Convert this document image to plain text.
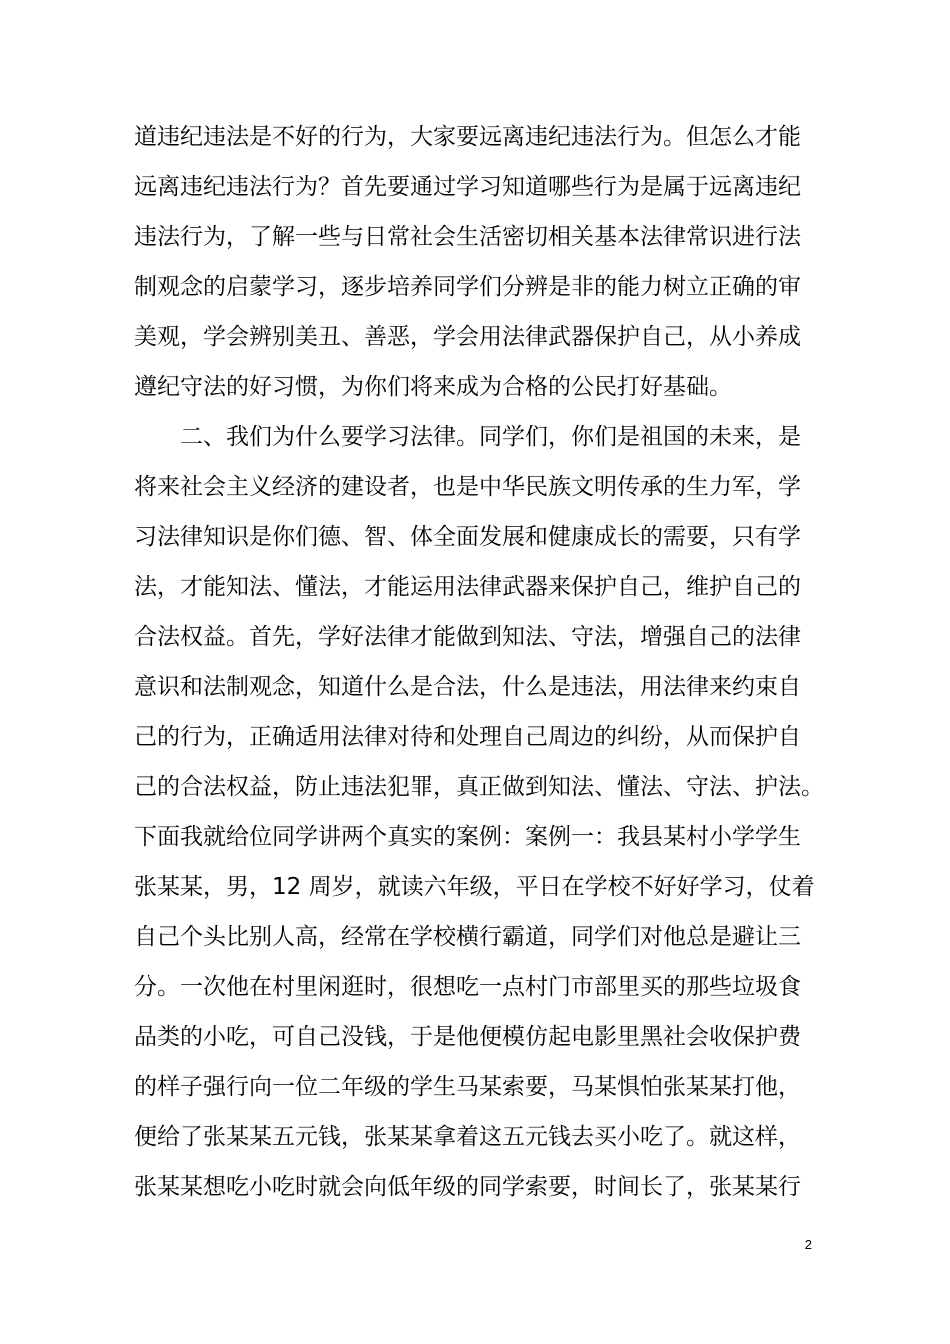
道违纪违法是不好的行为，大家要远离违纪违法行为。但怎么才能
远离违纪违法行为？首先要通过学习知道哪些行为是属于远离违纪
违法行为，了解一些与日常社会生活密切相关基本法律常识进行法
制观念的启蒙学习，逐步培养同学们分辨是非的能力树立正确的审
美观，学会辨别美丑、善恶，学会用法律武器保护自己，从小养成
遵纪守法的好习惯，为你们将来成为合格的公民打好基础。
二、我们为什么要学习法律。同学们，你们是祖国的未来，是
将来社会主义经济的建设者，也是中华民族文明传承的生力军，学
习法律知识是你们德、智、体全面发展和健康成长的需要，只有学
法，才能知法、懂法，才能运用法律武器来保护自己，维护自己的
合法权益。首先，学好法律才能做到知法、守法，增强自己的法律
意识和法制观念，知道什么是合法，什么是违法，用法律来约束自
己的行为，正确适用法律对待和处理自己周边的纠纷，从而保护自
己的合法权益，防止违法犯罪，真正做到知法、懂法、守法、护法。
下面我就给位同学讲两个真实的案例：案例一：我县某村小学学生
张某某，男，12 周岁，就读六年级，平日在学校不好好学习，仗着
自己个头比别人高，经常在学校横行霸道，同学们对他总是避让三
分。一次他在村里闲逛时，很想吃一点村门市部里买的那些垃圾食
品类的小吃，可自己没钱，于是他便模仿起电影里黑社会收保护费
的样子强行向一位二年级的学生马某索要，马某惧怕张某某打他，
便给了张某某五元钱，张某某拿着这五元钱去买小吃了。就这样，
张某某想吃小吃时就会向低年级的同学索要，时间长了，张某某行
2
